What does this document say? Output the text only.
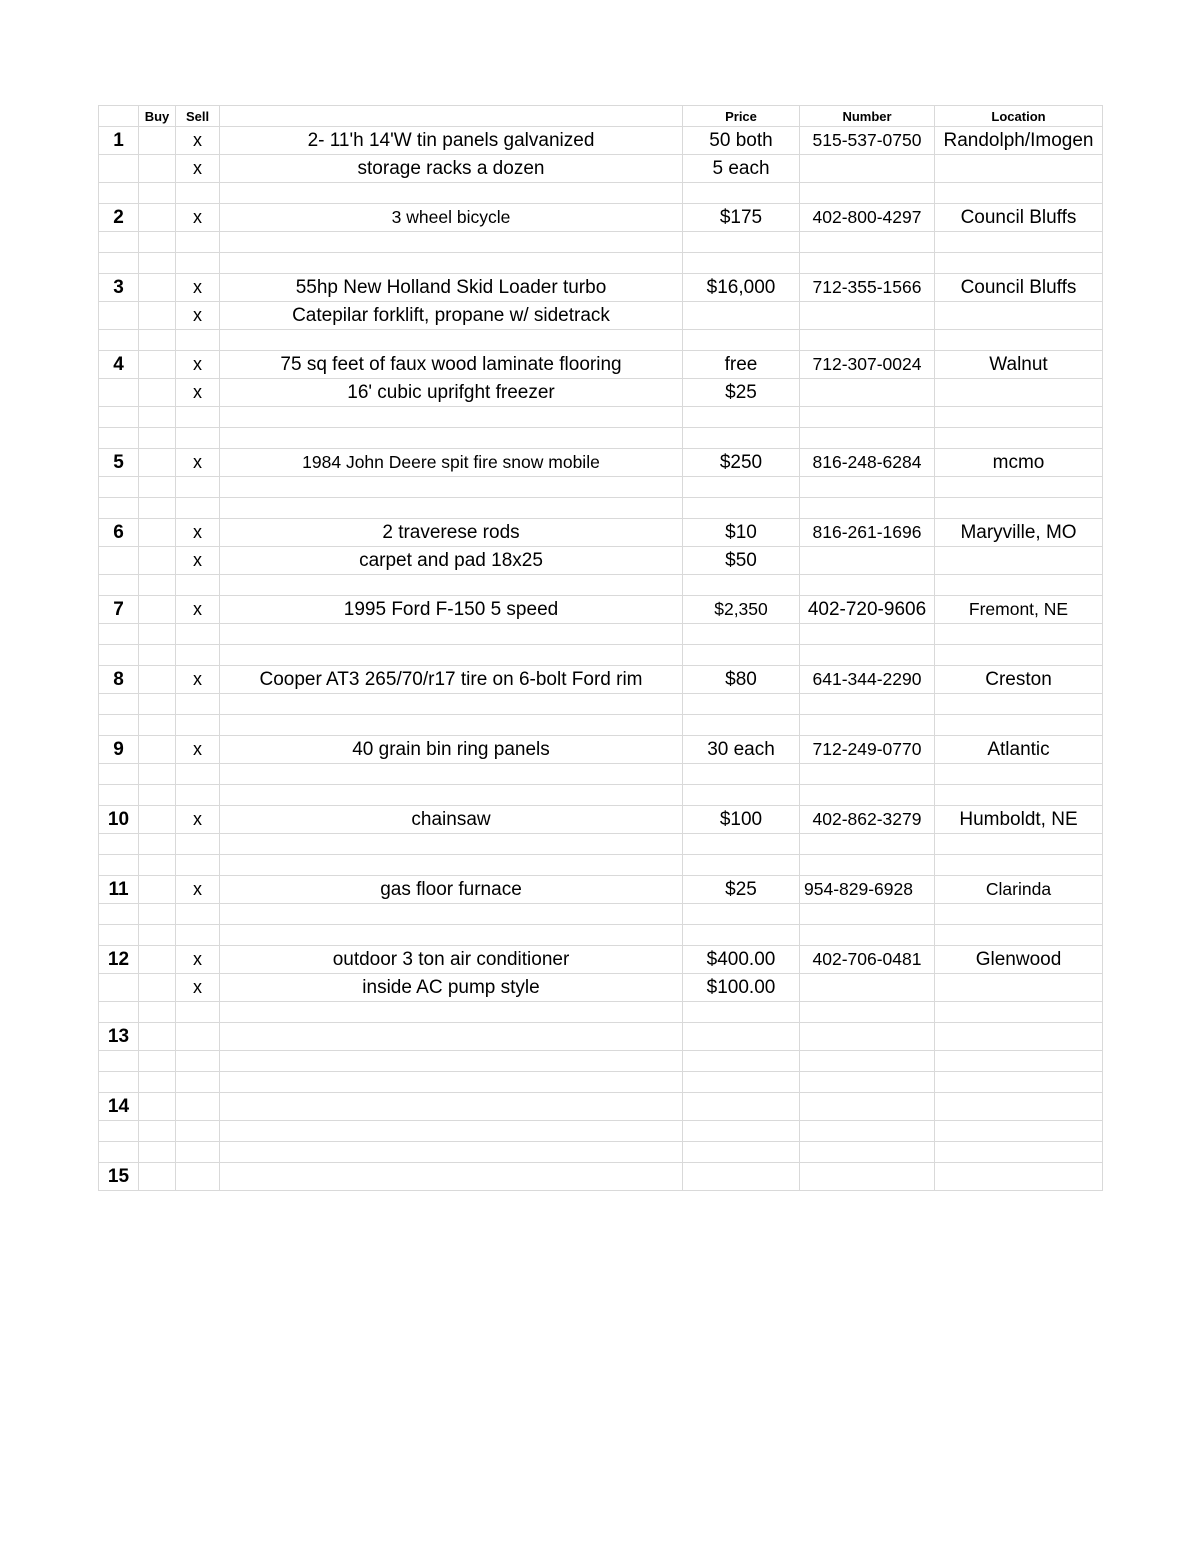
	Buy	Sell		Price	Number	Location
1		x	2- 11'h 14'W tin panels galvanized	50 both	515-537-0750	Randolph/Imogen
		x	storage racks a dozen	5 each		

2		x	3 wheel bicycle	$175	402-800-4297	Council Bluffs

3		x	55hp New Holland Skid Loader turbo	$16,000	712-355-1566	Council Bluffs
		x	Catepilar forklift, propane w/ sidetrack			

4		x	75 sq feet of faux wood laminate flooring	free	712-307-0024	Walnut
		x	16' cubic uprifght freezer	$25		

5		x	1984 John Deere spit fire snow mobile	$250	816-248-6284	mcmo

6		x	2 traverese rods	$10	816-261-1696	Maryville, MO
		x	carpet and pad 18x25	$50		

7		x	1995 Ford F-150 5 speed	$2,350	402-720-9606	Fremont, NE

8		x	Cooper AT3 265/70/r17 tire on 6-bolt Ford rim	$80	641-344-2290	Creston

9		x	40 grain bin ring panels	30 each	712-249-0770	Atlantic

10		x	chainsaw	$100	402-862-3279	Humboldt, NE

11		x	gas floor furnace	$25	954-829-6928	Clarinda

12		x	outdoor 3 ton air conditioner	$400.00	402-706-0481	Glenwood
		x	inside AC pump style	$100.00		

13						

14						

15						
